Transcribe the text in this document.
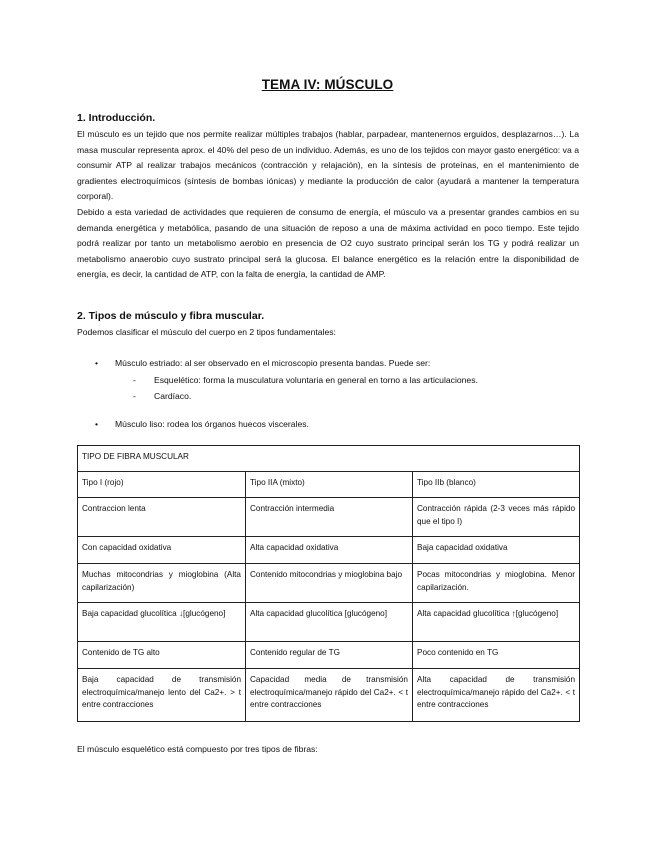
TEMA IV: MÚSCULO
1. Introducción.

El músculo es un tejido que nos permite realizar múltiples trabajos (hablar, parpadear, mantenernos erguidos, desplazarnos…). La masa muscular representa aprox. el 40% del peso de un individuo. Además, es uno de los tejidos con mayor gasto energético: va a consumir ATP al realizar trabajos mecánicos (contracción y relajación), en la síntesis de proteínas, en el mantenimiento de gradientes electroquímicos (síntesis de bombas iónicas) y mediante la producción de calor (ayudará a mantener la temperatura corporal).

Debido a esta variedad de actividades que requieren de consumo de energía, el músculo va a presentar grandes cambios en su demanda energética y metabólica, pasando de una situación de reposo a una de máxima actividad en poco tiempo. Este tejido podrá realizar por tanto un metabolismo aerobio en presencia de O2 cuyo sustrato principal serán los TG y podrá realizar un metabolismo anaerobio cuyo sustrato principal será la glucosa. El balance energético es la relación entre la disponibilidad de energía, es decir, la cantidad de ATP, con la falta de energía, la cantidad de AMP.

2. Tipos de músculo y fibra muscular.

Podemos clasificar el músculo del cuerpo en 2 tipos fundamentales:

• Músculo estriado: al ser observado en el microscopio presenta bandas. Puede ser:
- Esquelético: forma la musculatura voluntaria en general en torno a las articulaciones.
- Cardíaco.
• Músculo liso: rodea los órganos huecos viscerales.
TIPO DE FIBRA MUSCULAR		
Tipo I (rojo)	Tipo IIA (mixto)	Tipo IIb (blanco)
Contraccion lenta	Contracción intermedia	Contracción rápida (2-3 veces más rápido que el tipo I)
Con capacidad oxidativa	Alta capacidad oxidativa	Baja capacidad oxidativa
Muchas mitocondrias y mioglobina (Alta capilarización)	Contenido mitocondrias y mioglobina bajo	Pocas mitocondrias y mioglobina. Menor capilarización.
Baja capacidad glucolítica ↓[glucógeno]	Alta capacidad glucolítica [glucógeno]	Alta capacidad glucolítica ↑[glucógeno]
Contenido de TG alto	Contenido regular de TG	Poco contenido en TG
Baja capacidad de transmisión electroquímica/manejo lento del Ca2+. > t entre contracciones	Capacidad media de transmisión electroquímica/manejo rápido del Ca2+. < t entre contracciones	Alta capacidad de transmisión electroquímica/manejo rápido del Ca2+. < t entre contracciones
El músculo esquelético está compuesto por tres tipos de fibras:
